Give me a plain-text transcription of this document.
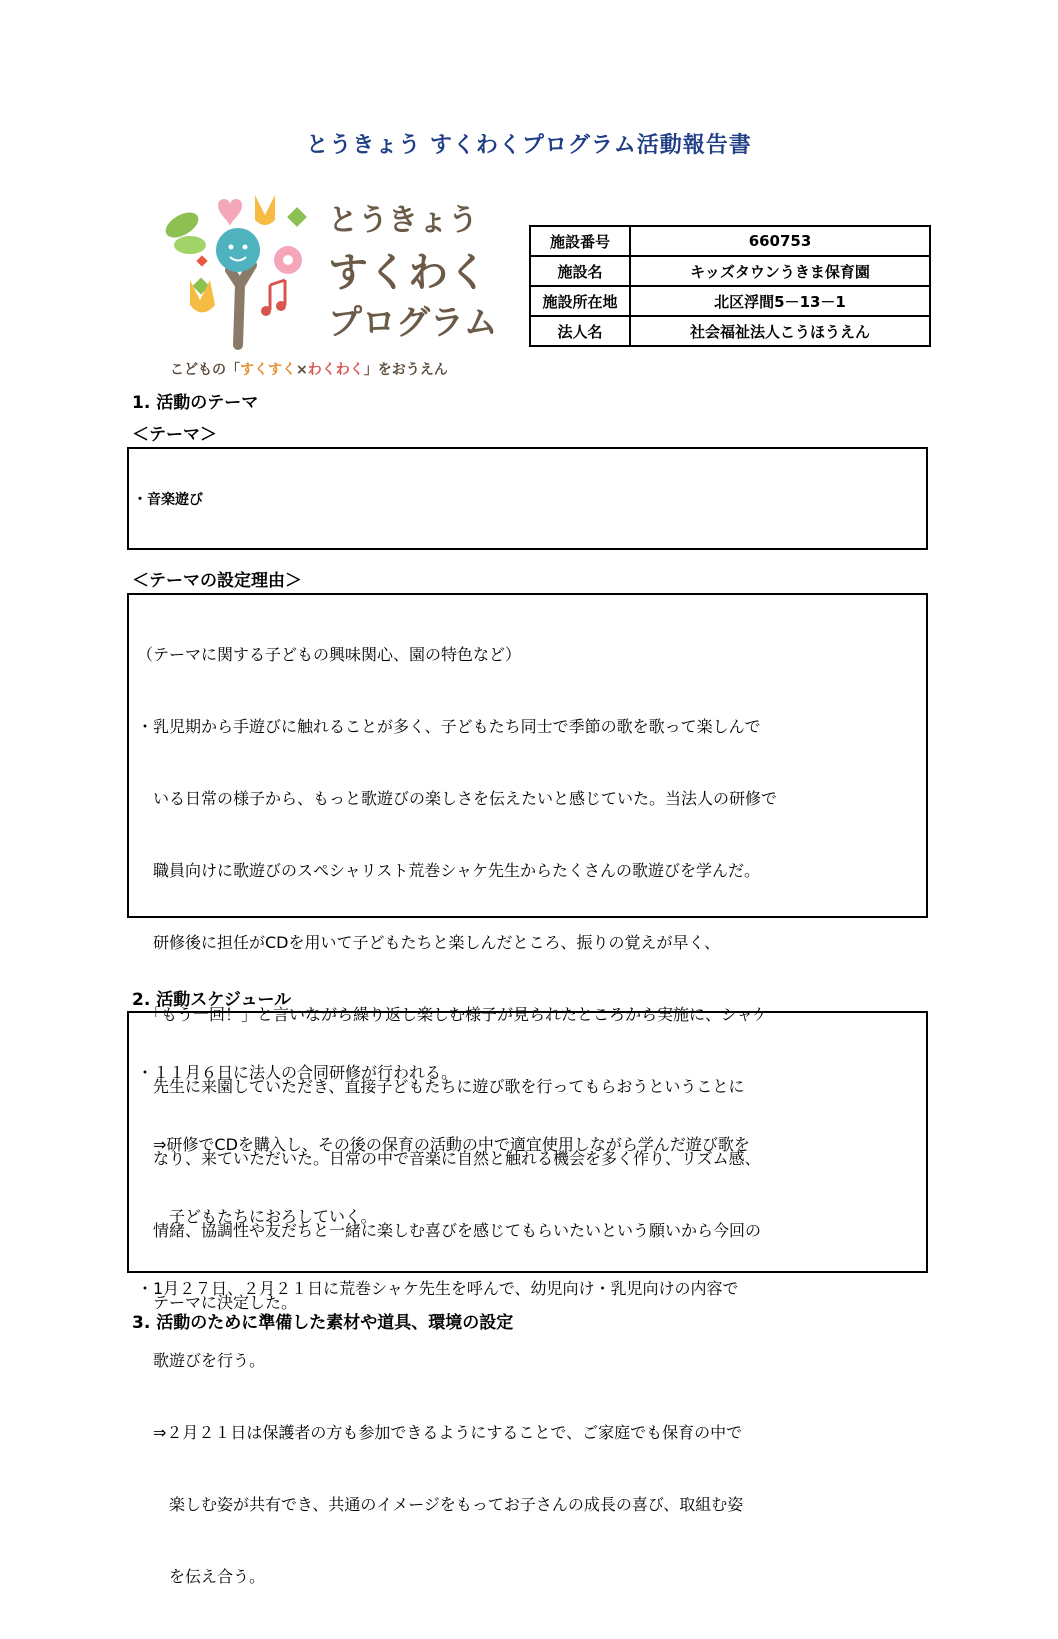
とうきょう すくわくプログラム活動報告書
とうきょう
すくわく
プログラム
こどもの「すくすく×わくわく」をおうえん
施設番号	660753
施設名	キッズタウンうきま保育園
施設所在地	北区浮間5－13－1
法人名	社会福祉法人こうほうえん
1. 活動のテーマ
＜テーマ＞
・音楽遊び
＜テーマの設定理由＞

（テーマに関する子どもの興味関心、園の特色など）

・乳児期から手遊びに触れることが多く、子どもたち同士で季節の歌を歌って楽しんで

　いる日常の様子から、もっと歌遊びの楽しさを伝えたいと感じていた。当法人の研修で

　職員向けに歌遊びのスペシャリスト荒巻シャケ先生からたくさんの歌遊びを学んだ。

　研修後に担任がCDを用いて子どもたちと楽しんだところ、振りの覚えが早く、

　「もう一回！」と言いながら繰り返し楽しむ様子が見られたところから実施に、シャケ

　先生に来園していただき、直接子どもたちに遊び歌を行ってもらおうということに

　なり、来ていただいた。日常の中で音楽に自然と触れる機会を多く作り、リズム感、

　情緒、協調性や友だちと一緒に楽しむ喜びを感じてもらいたいという願いから今回の

　テーマに決定した。

2. 活動スケジュール

・１１月６日に法人の合同研修が行われる。

　⇒研修でCDを購入し、その後の保育の活動の中で適宜使用しながら学んだ遊び歌を

　　子どもたちにおろしていく。

・1月２７日、２月２１日に荒巻シャケ先生を呼んで、幼児向け・乳児向けの内容で

　歌遊びを行う。

　⇒２月２１日は保護者の方も参加できるようにすることで、ご家庭でも保育の中で

　　楽しむ姿が共有でき、共通のイメージをもってお子さんの成長の喜び、取組む姿

　　を伝え合う。

3. 活動のために準備した素材や道具、環境の設定
